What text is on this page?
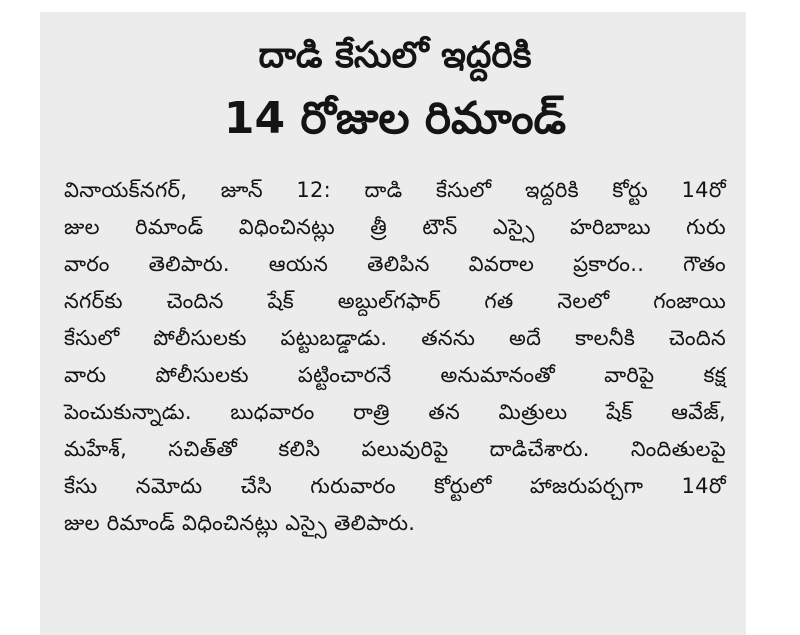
దాడి కేసులో ఇద్దరికి
14 రోజుల రిమాండ్
వినాయక్‌నగర్, జూన్ 12: దాడి కేసులో ఇద్దరికి కోర్టు 14రో
జుల రిమాండ్ విధించినట్లు త్రీ టౌన్ ఎస్సై హరిబాబు గురు
వారం తెలిపారు. ఆయన తెలిపిన వివరాల ప్రకారం.. గౌతం
నగర్‌కు చెందిన షేక్ అబ్దుల్‌గఫార్ గత నెలలో గంజాయి
కేసులో పోలీసులకు పట్టుబడ్డాడు. తనను అదే కాలనీకి చెందిన
వారు పోలీసులకు పట్టించారనే అనుమానంతో వారిపై కక్ష
పెంచుకున్నాడు. బుధవారం రాత్రి తన మిత్రులు షేక్ ఆవేజ్,
మహేశ్, సచిత్‌తో కలిసి పలువురిపై దాడిచేశారు. నిందితులపై
కేసు నమోదు చేసి గురువారం కోర్టులో హాజరుపర్చగా 14రో
జుల రిమాండ్ విధించినట్లు ఎస్సై తెలిపారు.
